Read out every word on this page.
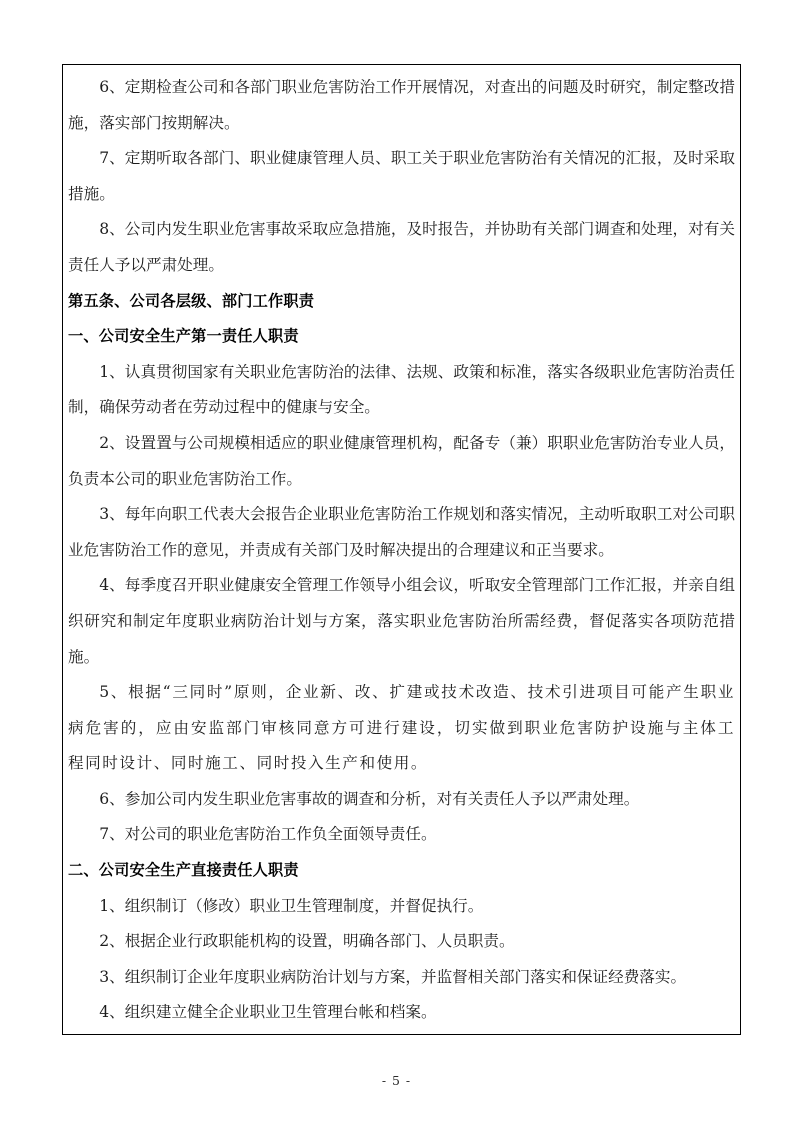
6、定期检查公司和各部门职业危害防治工作开展情况，对查出的问题及时研究，制定整改措施，落实部门按期解决。

7、定期听取各部门、职业健康管理人员、职工关于职业危害防治有关情况的汇报，及时采取措施。

8、公司内发生职业危害事故采取应急措施，及时报告，并协助有关部门调查和处理，对有关责任人予以严肃处理。

第五条、公司各层级、部门工作职责

一、公司安全生产第一责任人职责

1、认真贯彻国家有关职业危害防治的法律、法规、政策和标准，落实各级职业危害防治责任制，确保劳动者在劳动过程中的健康与安全。

2、设置置与公司规模相适应的职业健康管理机构，配备专（兼）职职业危害防治专业人员，负责本公司的职业危害防治工作。

3、每年向职工代表大会报告企业职业危害防治工作规划和落实情况，主动听取职工对公司职业危害防治工作的意见，并责成有关部门及时解决提出的合理建议和正当要求。

4、每季度召开职业健康安全管理工作领导小组会议，听取安全管理部门工作汇报，并亲自组织研究和制定年度职业病防治计划与方案，落实职业危害防治所需经费，督促落实各项防范措施。

5、根据“三同时”原则，企业新、改、扩建或技术改造、技术引进项目可能产生职业病危害的，应由安监部门审核同意方可进行建设，切实做到职业危害防护设施与主体工程同时设计、同时施工、同时投入生产和使用。

6、参加公司内发生职业危害事故的调查和分析，对有关责任人予以严肃处理。

7、对公司的职业危害防治工作负全面领导责任。

二、公司安全生产直接责任人职责

1、组织制订（修改）职业卫生管理制度，并督促执行。

2、根据企业行政职能机构的设置，明确各部门、人员职责。

3、组织制订企业年度职业病防治计划与方案，并监督相关部门落实和保证经费落实。

4、组织建立健全企业职业卫生管理台帐和档案。

- 5 -
